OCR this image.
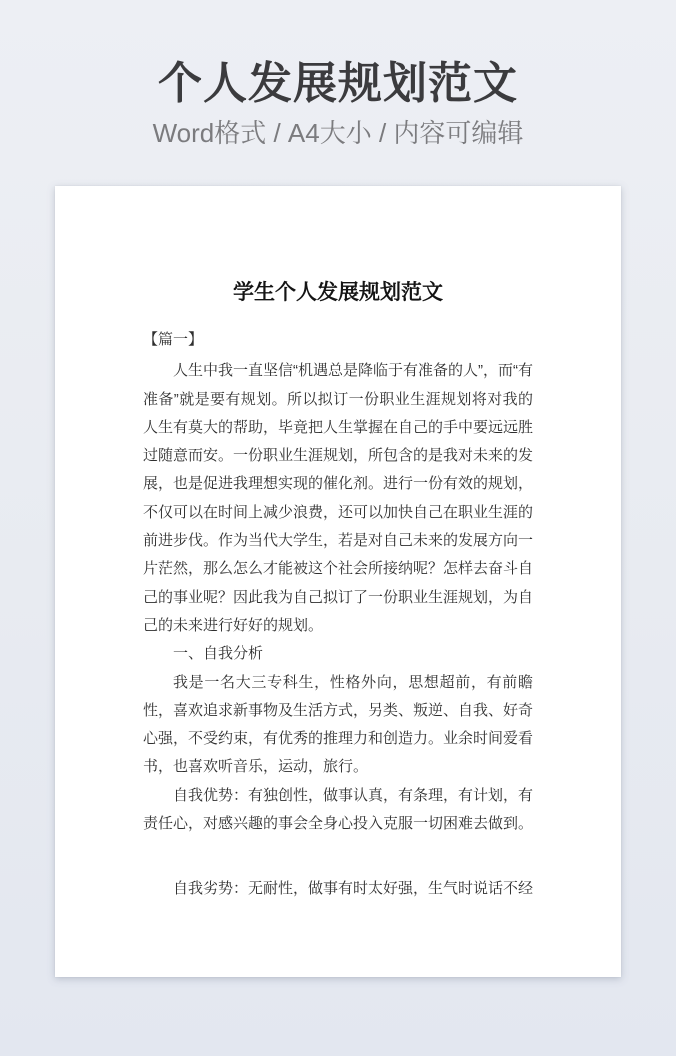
个人发展规划范文

Word格式 / A4大小 / 内容可编辑

学生个人发展规划范文

【篇一】

人生中我一直坚信“机遇总是降临于有准备的人”，而“有准备”就是要有规划。所以拟订一份职业生涯规划将对我的人生有莫大的帮助，毕竟把人生掌握在自己的手中要远远胜过随意而安。一份职业生涯规划，所包含的是我对未来的发展，也是促进我理想实现的催化剂。进行一份有效的规划，不仅可以在时间上减少浪费，还可以加快自己在职业生涯的前进步伐。作为当代大学生，若是对自己未来的发展方向一片茫然，那么怎么才能被这个社会所接纳呢？怎样去奋斗自己的事业呢？因此我为自己拟订了一份职业生涯规划，为自己的未来进行好好的规划。

一、自我分析

我是一名大三专科生，性格外向，思想超前，有前瞻性，喜欢追求新事物及生活方式，另类、叛逆、自我、好奇心强，不受约束，有优秀的推理力和创造力。业余时间爱看书，也喜欢听音乐，运动，旅行。

自我优势：有独创性，做事认真，有条理，有计划，有责任心，对感兴趣的事会全身心投入克服一切困难去做到。

自我劣势：无耐性，做事有时太好强，生气时说话不经
